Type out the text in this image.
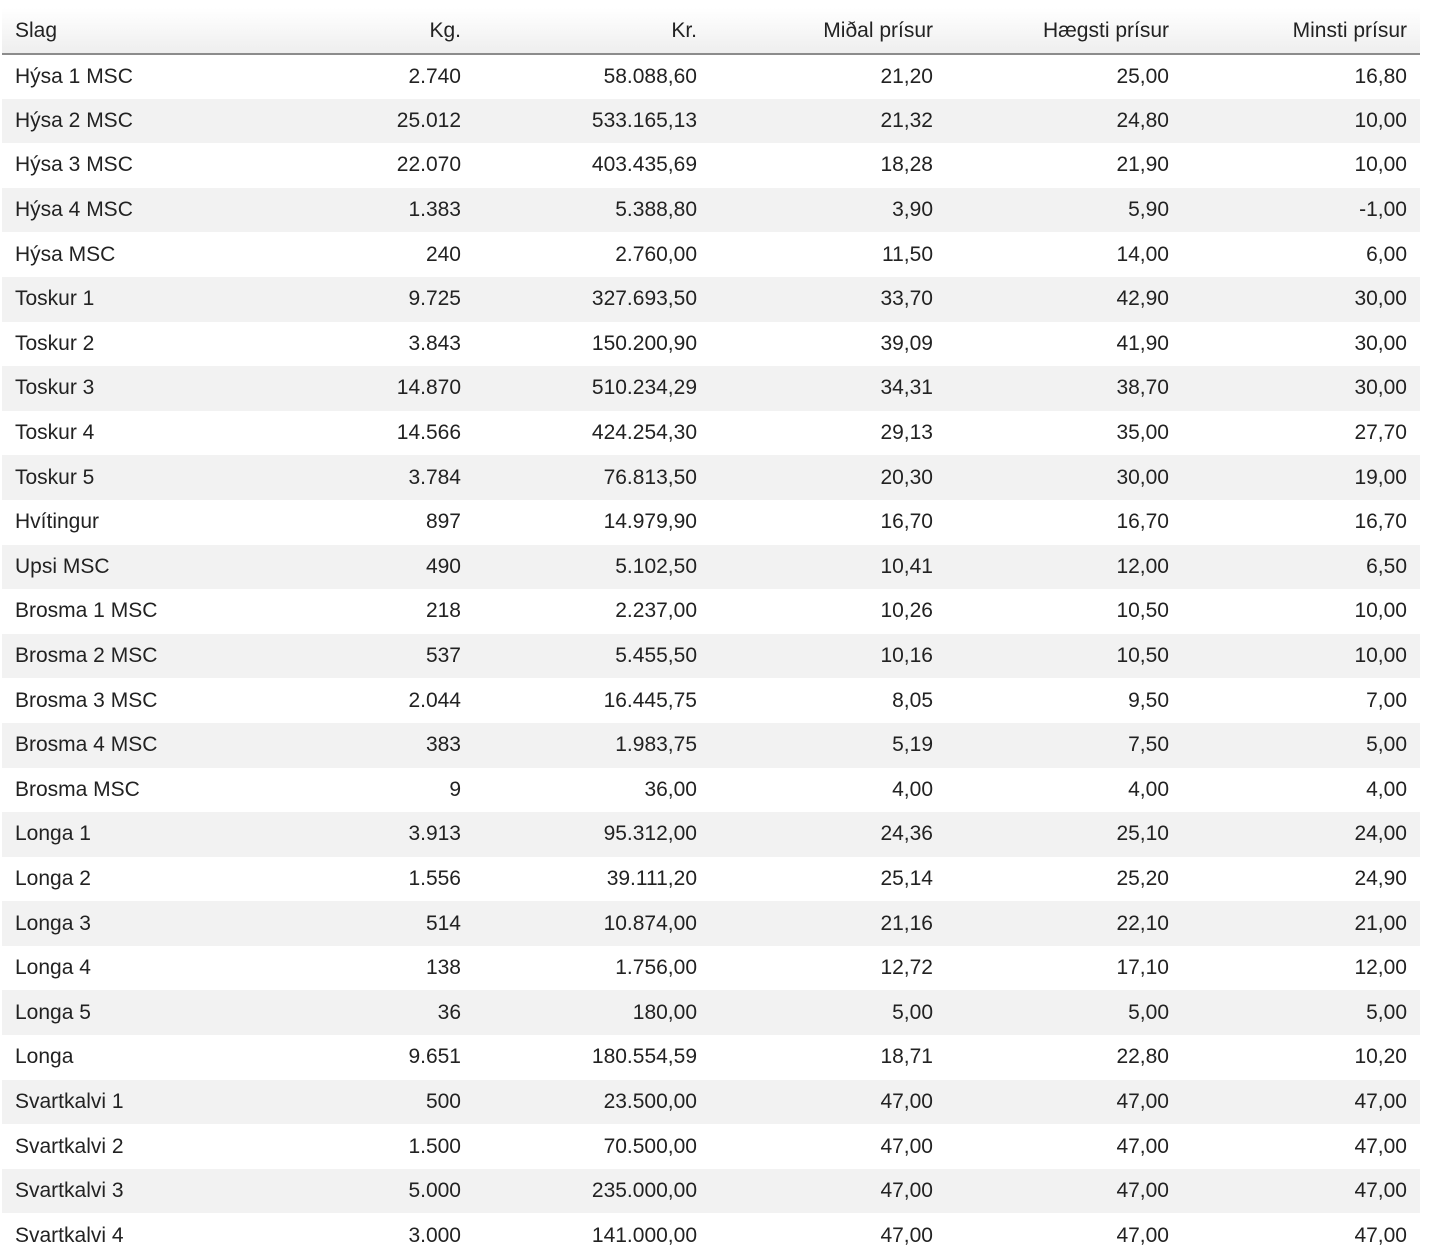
Slag	Kg.	Kr.	Miðal prísur	Hægsti prísur	Minsti prísur
Hýsa 1 MSC	2.740	58.088,60	21,20	25,00	16,80
Hýsa 2 MSC	25.012	533.165,13	21,32	24,80	10,00
Hýsa 3 MSC	22.070	403.435,69	18,28	21,90	10,00
Hýsa 4 MSC	1.383	5.388,80	3,90	5,90	-1,00
Hýsa MSC	240	2.760,00	11,50	14,00	6,00
Toskur 1	9.725	327.693,50	33,70	42,90	30,00
Toskur 2	3.843	150.200,90	39,09	41,90	30,00
Toskur 3	14.870	510.234,29	34,31	38,70	30,00
Toskur 4	14.566	424.254,30	29,13	35,00	27,70
Toskur 5	3.784	76.813,50	20,30	30,00	19,00
Hvítingur	897	14.979,90	16,70	16,70	16,70
Upsi MSC	490	5.102,50	10,41	12,00	6,50
Brosma 1 MSC	218	2.237,00	10,26	10,50	10,00
Brosma 2 MSC	537	5.455,50	10,16	10,50	10,00
Brosma 3 MSC	2.044	16.445,75	8,05	9,50	7,00
Brosma 4 MSC	383	1.983,75	5,19	7,50	5,00
Brosma MSC	9	36,00	4,00	4,00	4,00
Longa 1	3.913	95.312,00	24,36	25,10	24,00
Longa 2	1.556	39.111,20	25,14	25,20	24,90
Longa 3	514	10.874,00	21,16	22,10	21,00
Longa 4	138	1.756,00	12,72	17,10	12,00
Longa 5	36	180,00	5,00	5,00	5,00
Longa	9.651	180.554,59	18,71	22,80	10,20
Svartkalvi 1	500	23.500,00	47,00	47,00	47,00
Svartkalvi 2	1.500	70.500,00	47,00	47,00	47,00
Svartkalvi 3	5.000	235.000,00	47,00	47,00	47,00
Svartkalvi 4	3.000	141.000,00	47,00	47,00	47,00
